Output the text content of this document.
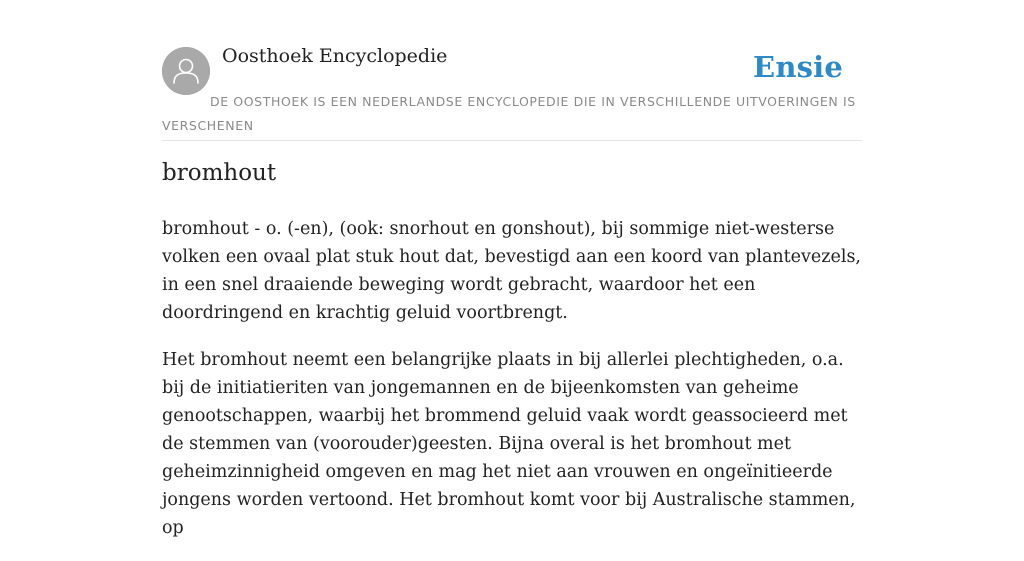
Oosthoek Encyclopedie	Ensie
DE OOSTHOEK IS EEN NEDERLANDSE ENCYCLOPEDIE DIE IN VERSCHILLENDE UITVOERINGEN IS VERSCHENEN
bromhout

bromhout - o. (-en), (ook: snorhout en gonshout), bij sommige niet-westerse volken een ovaal plat stuk hout dat, bevestigd aan een koord van plantevezels, in een snel draaiende beweging wordt gebracht, waardoor het een doordringend en krachtig geluid voortbrengt.

Het bromhout neemt een belangrijke plaats in bij allerlei plechtigheden, o.a. bij de initiatieriten van jongemannen en de bijeenkomsten van geheime genootschappen, waarbij het brommend geluid vaak wordt geassocieerd met de stemmen van (voorouder)geesten. Bijna overal is het bromhout met geheimzinnigheid omgeven en mag het niet aan vrouwen en ongeïnitieerde jongens worden vertoond. Het bromhout komt voor bij Australische stammen, op
